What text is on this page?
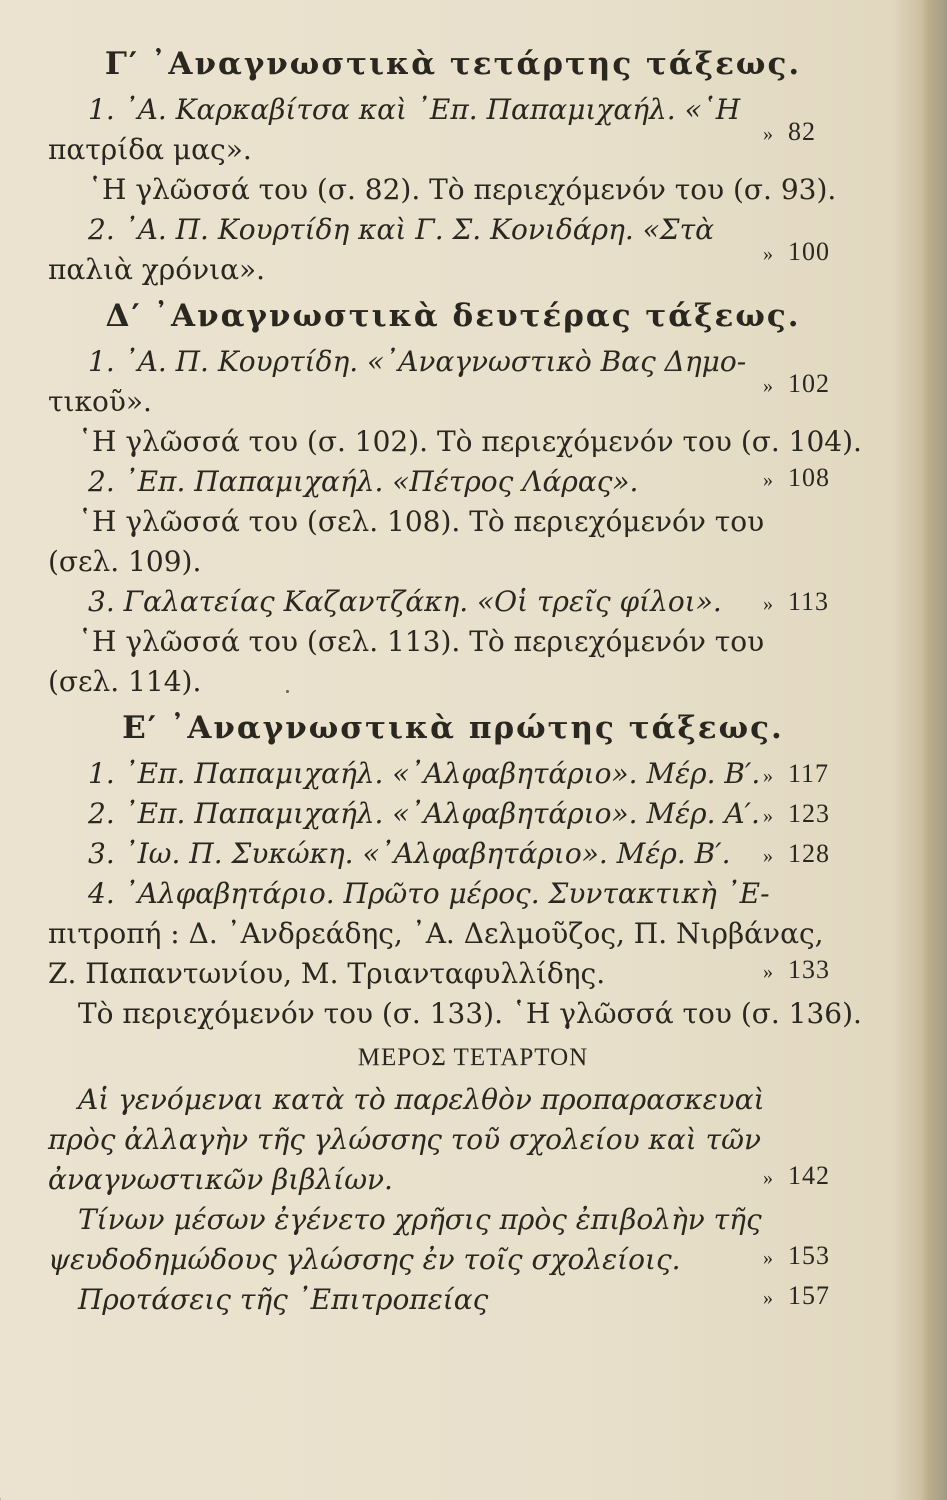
Γ′ ᾽Αναγνωστικὰ τετάρτης τάξεως.
1. ᾽Α. Καρκαβίτσα καὶ ᾽Επ. Παπαμιχαήλ. «῾Η
πατρίδα μας».	» 82
῾Η γλῶσσά του (σ. 82). Τὸ περιεχόμενόν του (σ. 93).
2. ᾽Α. Π. Κουρτίδη καὶ Γ. Σ. Κονιδάρη. «Στὰ
παλιὰ χρόνια».	» 100
Δ′ ᾽Αναγνωστικὰ δευτέρας τάξεως.
1. ᾽Α. Π. Κουρτίδη. «᾽Αναγνωστικὸ Βας Δημο-
τικοῦ».	» 102
῾Η γλῶσσά του (σ. 102). Τὸ περιεχόμενόν του (σ. 104).
2. ᾽Επ. Παπαμιχαήλ. «Πέτρος Λάρας».	» 108
῾Η γλῶσσά του (σελ. 108). Τὸ περιεχόμενόν του
(σελ. 109).
3. Γαλατείας Καζαντζάκη. «Οἱ τρεῖς φίλοι». » 113
῾Η γλῶσσά του (σελ. 113). Τὸ περιεχόμενόν του
(σελ. 114).
Ε′ ᾽Αναγνωστικὰ πρώτης τάξεως.
1. ᾽Επ. Παπαμιχαήλ. «᾽Αλφαβητάριο». Μέρ. Β′. » 117
2. ᾽Επ. Παπαμιχαήλ. «᾽Αλφαβητάριο». Μέρ. Α′. » 123
3. ᾽Ιω. Π. Συκώκη. «᾽Αλφαβητάριο». Μέρ. Β′. » 128
4. ᾽Αλφαβητάριο. Πρῶτο μέρος. Συντακτικὴ ᾽Ε-
πιτροπή : Δ. ᾽Ανδρεάδης, ᾽Α. Δελμοῦζος, Π. Νιρβάνας,
Ζ. Παπαντωνίου, Μ. Τριανταφυλλίδης.	» 133
Τὸ περιεχόμενόν του (σ. 133). ῾Η γλῶσσά του (σ. 136).
ΜΕΡΟΣ ΤΕΤΑΡΤΟΝ
Αἱ γενόμεναι κατὰ τὸ παρελθὸν προπαρασκευαὶ
πρὸς ἀλλαγὴν τῆς γλώσσης τοῦ σχολείου καὶ τῶν
ἀναγνωστικῶν βιβλίων.	» 142
Τίνων μέσων ἐγένετο χρῆσις πρὸς ἐπιβολὴν τῆς
ψευδοδημώδους γλώσσης ἐν τοῖς σχολείοις.	» 153
Προτάσεις τῆς ᾽Επιτροπείας	» 157
